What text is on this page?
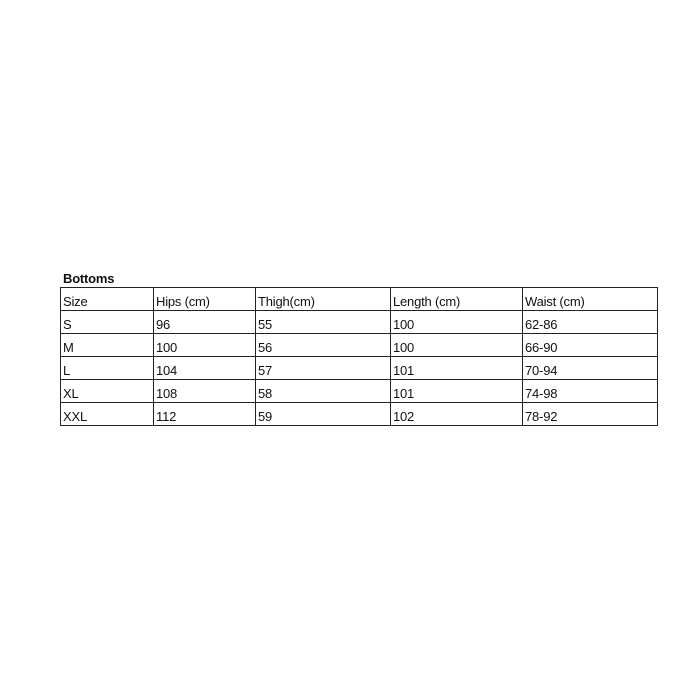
Bottoms
Size	Hips (cm)	Thigh(cm)	Length (cm)	Waist (cm)
S	96	55	100	62-86
M	100	56	100	66-90
L	104	57	101	70-94
XL	108	58	101	74-98
XXL	112	59	102	78-92
